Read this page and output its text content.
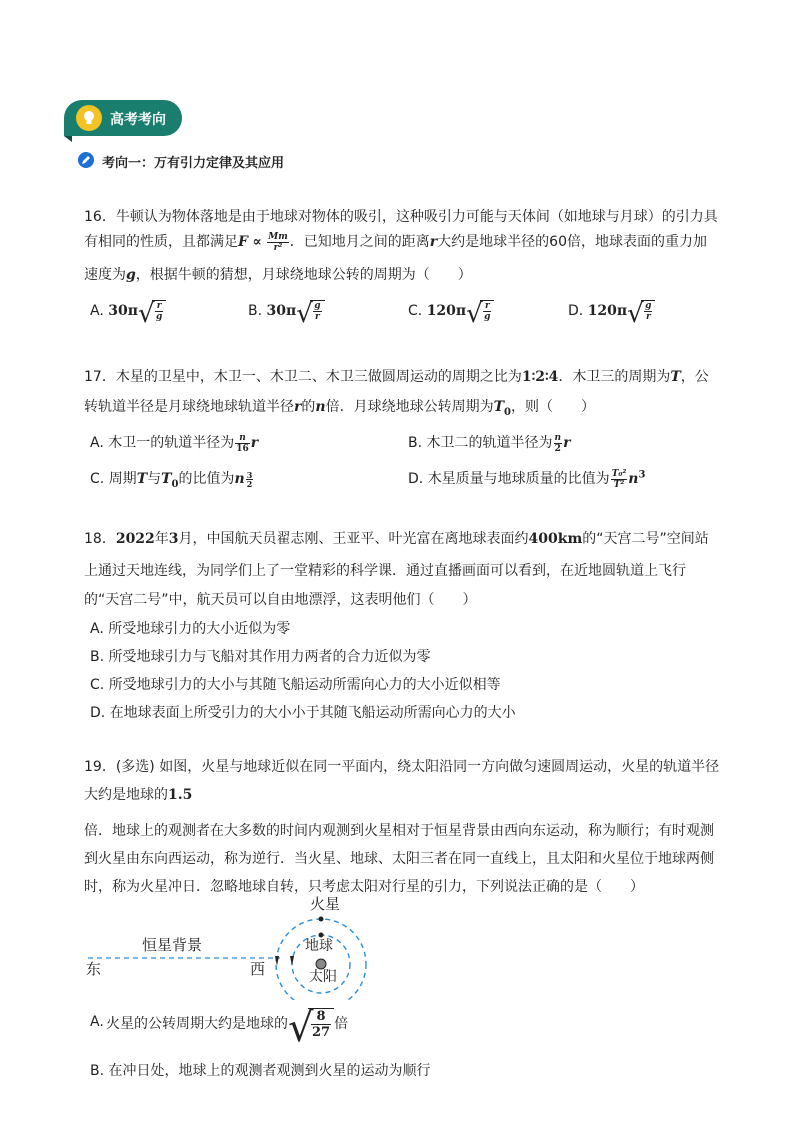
高考考向
考向一：万有引力定律及其应用
16．牛顿认为物体落地是由于地球对物体的吸引，这种吸引力可能与天体间（如地球与月球）的引力具
有相同的性质，且都满足$F \propto \frac{Mm}{\text{r²}}$ ．已知地月之间的距离r大约是地球半径的60倍，地球表面的重力加
速度为g，根据牛顿的猜想，月球绕地球公转的周期为（　　）
A. 30π √ $\frac{r}{g}$	B. 30π √ $\frac{g}{r}$	C. 120π √ $\frac{r}{g}$	D. 120π √ $\frac{g}{r}$
17．木星的卫星中，木卫一、木卫二、木卫三做圆周运动的周期之比为1∶2∶4．木卫三的周期为T，公
转轨道半径是月球绕地球轨道半径r的n倍．月球绕地球公转周期为$T_0$，则（　　）
A. 木卫一的轨道半径为 $\frac{n}{16}$ r	B. 木卫二的轨道半径为 $\frac{n}{2}$ r
C. 周期T与$T_0$的比值为n $\frac{3}{2}$	D. 木星质量与地球质量的比值为 $\frac{\text{T₀²}}{\text{T²}} n^3$
18．2022年3月，中国航天员翟志刚、王亚平、叶光富在离地球表面约400km的“天宫二号”空间站
上通过天地连线，为同学们上了一堂精彩的科学课．通过直播画面可以看到，在近地圆轨道上飞行
的“天宫二号”中，航天员可以自由地漂浮，这表明他们（　　）
A. 所受地球引力的大小近似为零
B. 所受地球引力与飞船对其作用力两者的合力近似为零
C. 所受地球引力的大小与其随飞船运动所需向心力的大小近似相等
D. 在地球表面上所受引力的大小小于其随飞船运动所需向心力的大小
19．(多选) 如图，火星与地球近似在同一平面内，绕太阳沿同一方向做匀速圆周运动，火星的轨道半径
大约是地球的1.5
倍．地球上的观测者在大多数的时间内观测到火星相对于恒星背景由西向东运动，称为顺行；有时观测
到火星由东向西运动，称为逆行．当火星、地球、太阳三者在同一直线上，且太阳和火星位于地球两侧
时，称为火星冲日．忽略地球自转，只考虑太阳对行星的引力，下列说法正确的是（　　）
火星
地球
太阳
恒星背景
东	西
A. 火星的公转周期大约是地球的 √
$\frac{8}{27}$ 倍
B. 在冲日处，地球上的观测者观测到火星的运动为顺行
